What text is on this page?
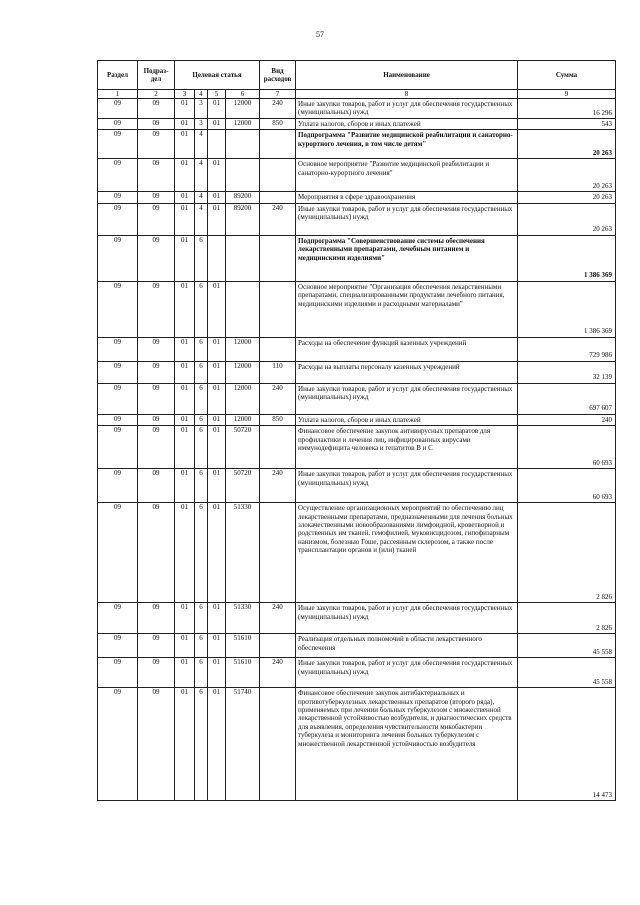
57
Раздел	Подраз-дел	Целевая статья				Вид расходов	Наименование	Сумма
1	2	3	4	5	6	7	8	9
09	09	01	3	01	12000	240	Иные закупки товаров, работ и услуг для обеспечения государственных (муниципальных) нужд	16 296
09	09	01	3	01	12000	850	Уплата налогов, сборов и иных платежей	543
09	09	01	4				Подпрограмма "Развитие медицинской реабилитации и санаторно-курортного лечения, в том числе детям"	20 263
09	09	01	4	01			Основное мероприятие "Развитие медицинской реабилитации и санаторно-курортного лечения"	20 263
09	09	01	4	01	89200		Мероприятия в сфере здравоохранения	20 263
09	09	01	4	01	89200	240	Иные закупки товаров, работ и услуг для обеспечения государственных (муниципальных) нужд	20 263
09	09	01	6				Подпрограмма "Совершенствование системы обеспечения лекарственными препаратами, лечебным питанием и медицинскими изделиями"	1 386 369
09	09	01	6	01			Основное мероприятие "Организация обеспечения лекарственными препаратами, специализированными продуктами лечебного питания, медицинскими изделиями и расходными материалами"	1 386 369
09	09	01	6	01	12000		Расходы на обеспечение функций казенных учреждений	729 986
09	09	01	6	01	12000	110	Расходы на выплаты персоналу казенных учреждений	32 139
09	09	01	6	01	12000	240	Иные закупки товаров, работ и услуг для обеспечения государственных (муниципальных) нужд	697 607
09	09	01	6	01	12000	850	Уплата налогов, сборов и иных платежей	240
09	09	01	6	01	50720		Финансовое обеспечение закупок антивирусных препаратов для профилактики и лечения лиц, инфицированных вирусами иммунодефицита человека и гепатитов В и С	60 693
09	09	01	6	01	50720	240	Иные закупки товаров, работ и услуг для обеспечения государственных (муниципальных) нужд	60 693
09	09	01	6	01	51330		Осуществление организационных мероприятий по обеспечению лиц лекарственными препаратами, предназначенными для лечения больных злокачественными новообразованиями лимфоидной, кроветворной и родственных им тканей, гемофилией, муковисцидозом, гипофизарным нанизмом, болезнью Гоше, рассеянным склерозом, а также после трансплантации органов и (или) тканей	2 826
09	09	01	6	01	51330	240	Иные закупки товаров, работ и услуг для обеспечения государственных (муниципальных) нужд	2 826
09	09	01	6	01	51610		Реализация отдельных полномочий в области лекарственного обеспечения	45 558
09	09	01	6	01	51610	240	Иные закупки товаров, работ и услуг для обеспечения государственных (муниципальных) нужд	45 558
09	09	01	6	01	51740		Финансовое обеспечение закупок антибактериальных и противотуберкулезных лекарственных препаратов (второго ряда), применяемых при лечении больных туберкулезом с множественной лекарственной устойчивостью возбудителя, и диагностических средств для выявления, определения чувствительности микобактерии туберкулеза и мониторинга лечения больных туберкулезом с множественной лекарственной устойчивостью возбудителя	14 473
